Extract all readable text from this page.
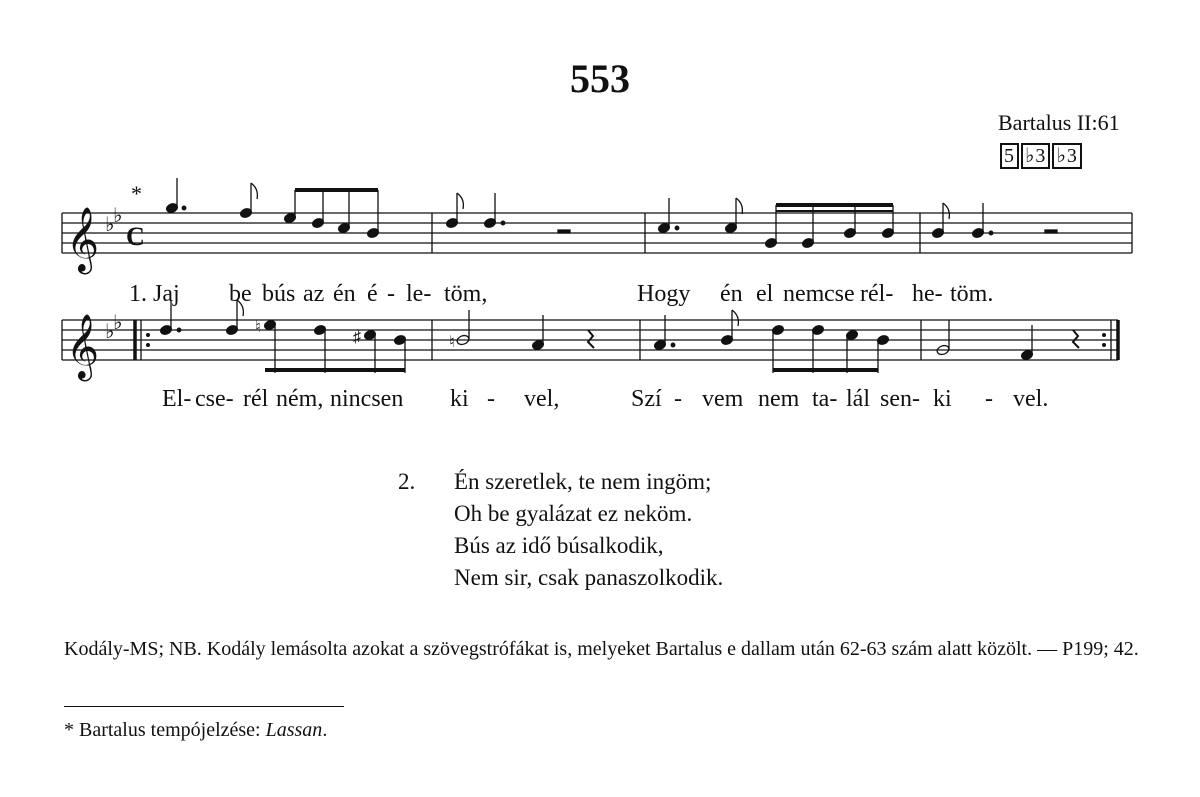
553
Bartalus II:61
5 ♭3 ♭3
𝄞 ♭
♭
C
*
1. Jaj be bús az én é - le- töm,	Hogy én el nem cse rél- he- töm.
𝄞 ♭
♭	♮
♯	♮
El- cse- rél ném, nincsen ki - vel,	Szí - vem nem ta- lál sen- ki - vel.
2. Én szeretlek, te nem ingöm;
Oh be gyalázat ez neköm.
Bús az idő búsalkodik,
Nem sir, csak panaszolkodik.
Kodály-MS; NB. Kodály lemásolta azokat a szövegstrófákat is, melyeket Bartalus e dallam után 62-63 szám alatt közölt. — P199; 42.
* Bartalus tempójelzése: Lassan.
